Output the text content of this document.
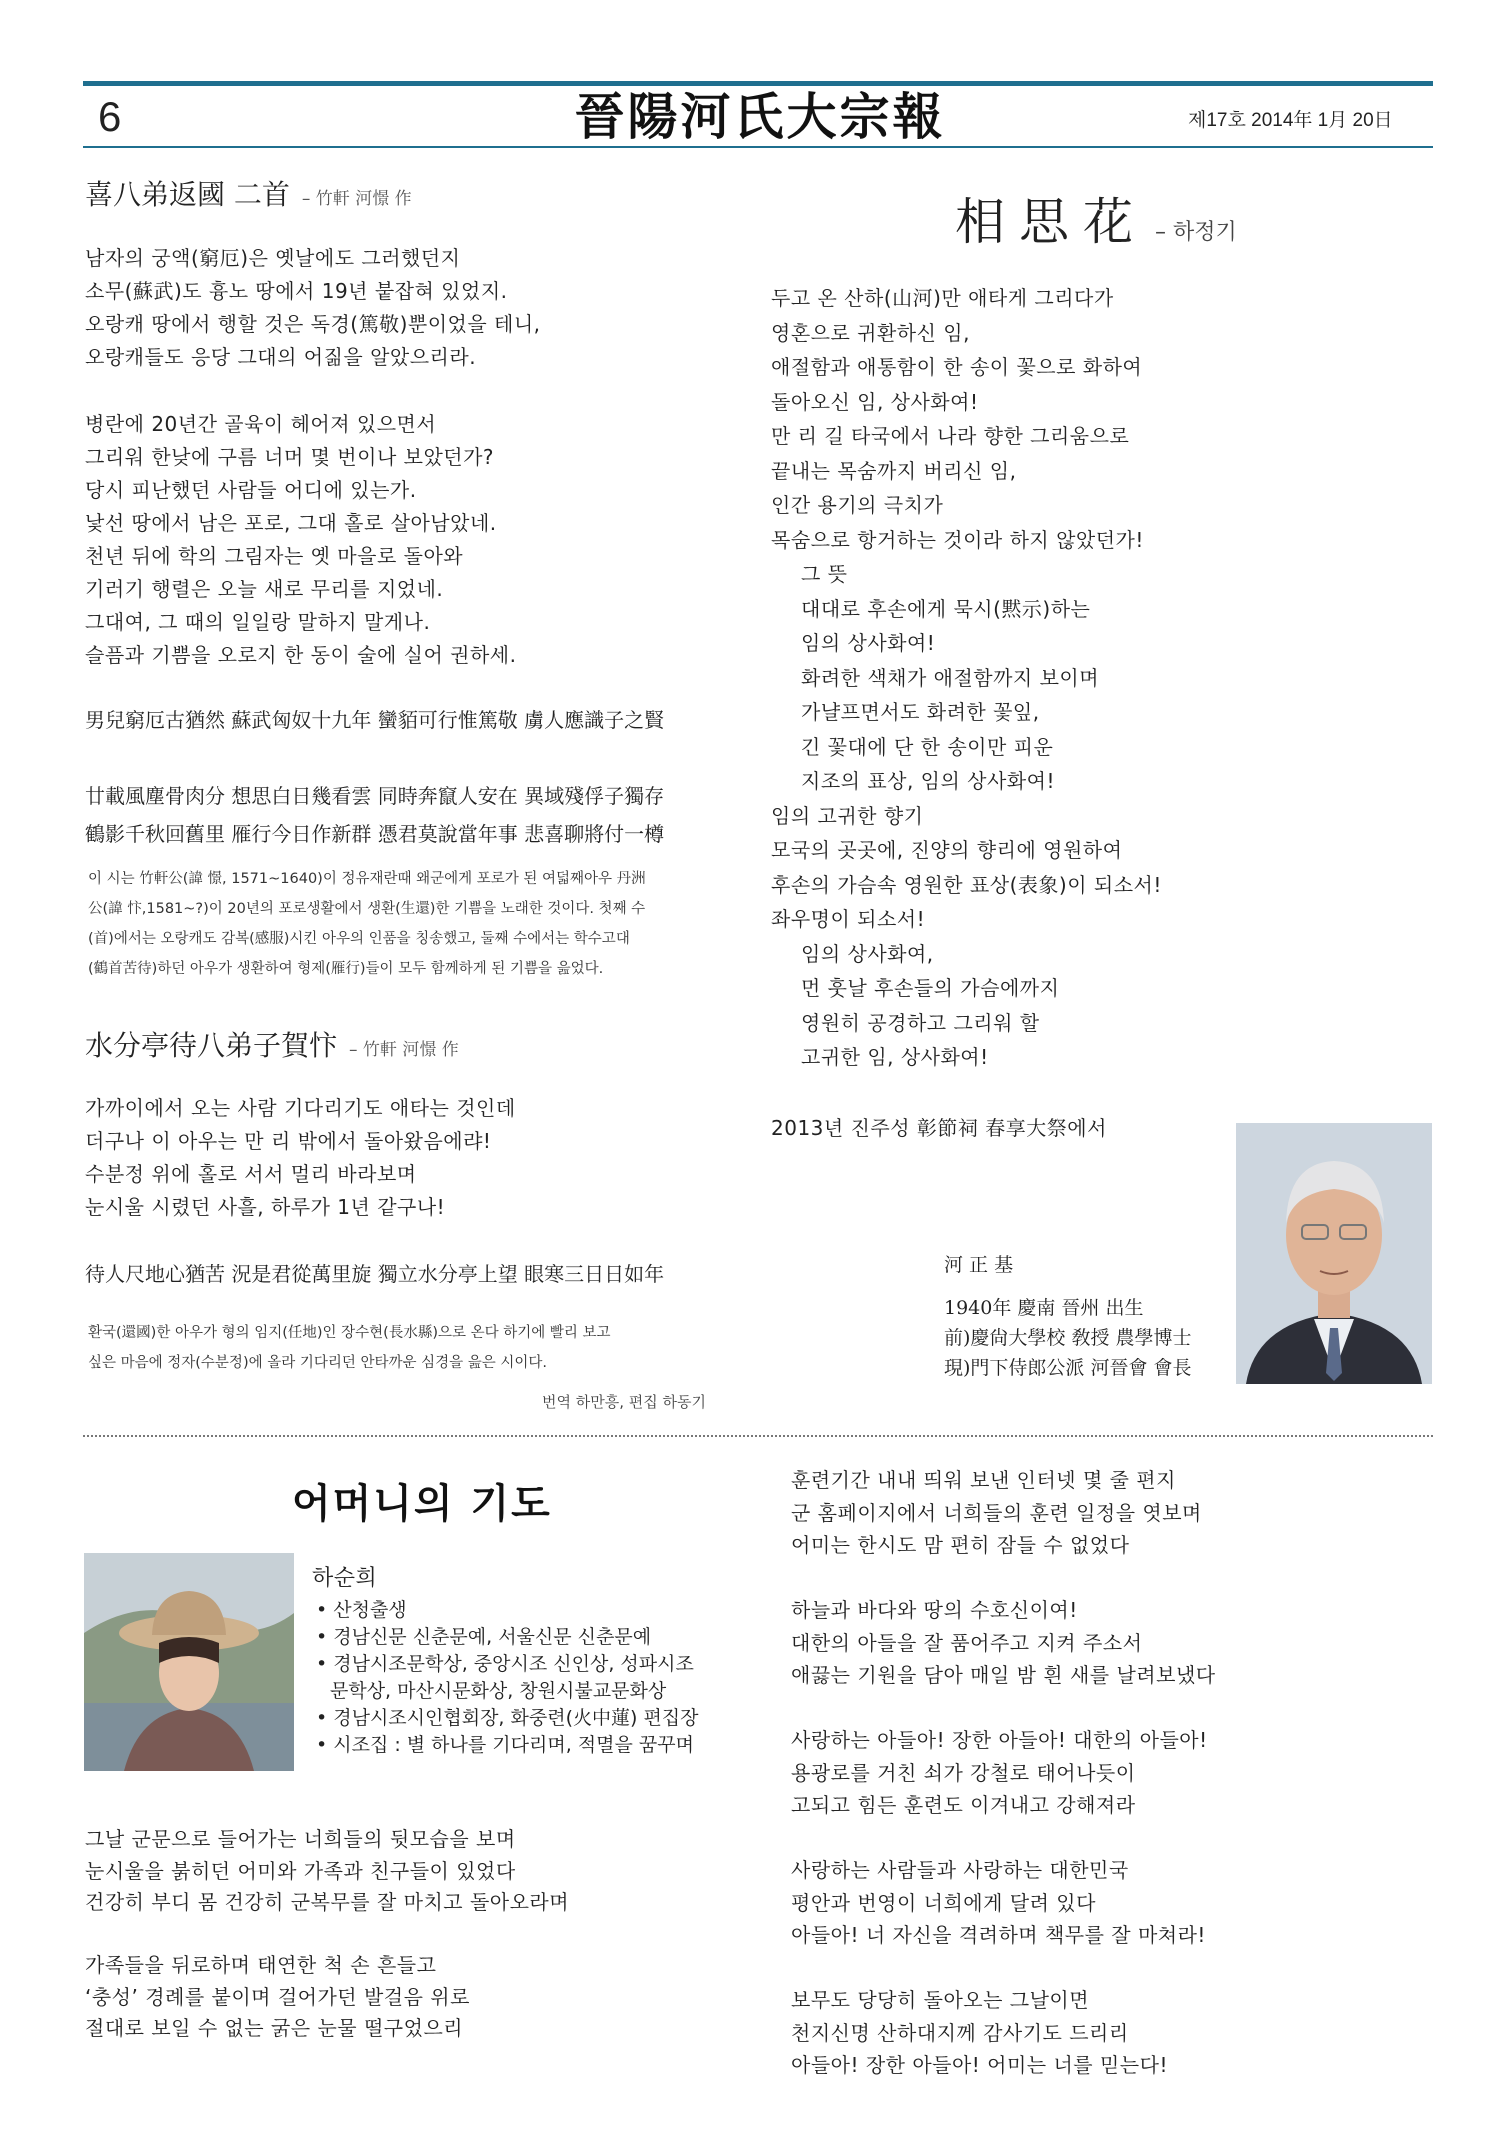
6	晉陽河氏大宗報	제17호 2014年 1月 20日
喜八弟返國 二首 – 竹軒 河憬 作
남자의 궁액(窮厄)은 옛날에도 그러했던지
소무(蘇武)도 흉노 땅에서 19년 붙잡혀 있었지.
오랑캐 땅에서 행할 것은 독경(篤敬)뿐이었을 테니,
오랑캐들도 응당 그대의 어짊을 알았으리라.
병란에 20년간 골육이 헤어져 있으면서
그리워 한낮에 구름 너머 몇 번이나 보았던가?
당시 피난했던 사람들 어디에 있는가.
낯선 땅에서 남은 포로, 그대 홀로 살아남았네.
천년 뒤에 학의 그림자는 옛 마을로 돌아와
기러기 행렬은 오늘 새로 무리를 지었네.
그대여, 그 때의 일일랑 말하지 말게나.
슬픔과 기쁨을 오로지 한 동이 술에 실어 권하세.
男兒窮厄古猶然 蘇武匈奴十九年 蠻貊可行惟篤敬 虜人應識子之賢
廿載風塵骨肉分 想思白日幾看雲 同時奔竄人安在 異域殘俘子獨存
鶴影千秋回舊里 雁行今日作新群 憑君莫說當年事 悲喜聊將付一樽
이 시는 竹軒公(諱 憬, 1571~1640)이 정유재란때 왜군에게 포로가 된 여덟째아우 丹洲
公(諱 忭,1581~?)이 20년의 포로생활에서 생환(生還)한 기쁨을 노래한 것이다. 첫째 수
(首)에서는 오랑캐도 감복(感服)시킨 아우의 인품을 칭송했고, 둘째 수에서는 학수고대
(鶴首苦待)하던 아우가 생환하여 형제(雁行)들이 모두 함께하게 된 기쁨을 읊었다.
水分亭待八弟子賀忭 – 竹軒 河憬 作
가까이에서 오는 사람 기다리기도 애타는 것인데
더구나 이 아우는 만 리 밖에서 돌아왔음에랴!
수분정 위에 홀로 서서 멀리 바라보며
눈시울 시렸던 사흘, 하루가 1년 같구나!
待人尺地心猶苦 況是君從萬里旋 獨立水分亭上望 眼寒三日日如年
환국(還國)한 아우가 형의 임지(任地)인 장수현(長水縣)으로 온다 하기에 빨리 보고
싶은 마음에 정자(수분정)에 올라 기다리던 안타까운 심경을 읊은 시이다.
번역 하만흥, 편집 하동기
相思花 – 하정기
두고 온 산하(山河)만 애타게 그리다가
영혼으로 귀환하신 임,
애절함과 애통함이 한 송이 꽃으로 화하여
돌아오신 임, 상사화여!
만 리 길 타국에서 나라 향한 그리움으로
끝내는 목숨까지 버리신 임,
인간 용기의 극치가
목숨으로 항거하는 것이라 하지 않았던가!
그 뜻
대대로 후손에게 묵시(黙示)하는
임의 상사화여!
화려한 색채가 애절함까지 보이며
가냘프면서도 화려한 꽃잎,
긴 꽃대에 단 한 송이만 피운
지조의 표상, 임의 상사화여!
임의 고귀한 향기
모국의 곳곳에, 진양의 향리에 영원하여
후손의 가슴속 영원한 표상(表象)이 되소서!
좌우명이 되소서!
임의 상사화여,
먼 훗날 후손들의 가슴에까지
영원히 공경하고 그리워 할
고귀한 임, 상사화여!
2013년 진주성 彰節祠 春享大祭에서
河 正 基
1940年 慶南 晉州 出生
前)慶尙大學校 敎授 農學博士
現)門下侍郎公派 河晉會 會長
어머니의 기도
하순희
• 산청출생
• 경남신문 신춘문예, 서울신문 신춘문예
• 경남시조문학상, 중앙시조 신인상, 성파시조
문학상, 마산시문화상, 창원시불교문화상
• 경남시조시인협회장, 화중련(火中蓮) 편집장
• 시조집 : 별 하나를 기다리며, 적멸을 꿈꾸며
그날 군문으로 들어가는 너희들의 뒷모습을 보며
눈시울을 붉히던 어미와 가족과 친구들이 있었다
건강히 부디 몸 건강히 군복무를 잘 마치고 돌아오라며
가족들을 뒤로하며 태연한 척 손 흔들고
‘충성’ 경례를 붙이며 걸어가던 발걸음 위로
절대로 보일 수 없는 굵은 눈물 떨구었으리
훈련기간 내내 띄워 보낸 인터넷 몇 줄 편지
군 홈페이지에서 너희들의 훈련 일정을 엿보며
어미는 한시도 맘 편히 잠들 수 없었다
하늘과 바다와 땅의 수호신이여!
대한의 아들을 잘 품어주고 지켜 주소서
애끓는 기원을 담아 매일 밤 흰 새를 날려보냈다
사랑하는 아들아! 장한 아들아! 대한의 아들아!
용광로를 거친 쇠가 강철로 태어나듯이
고되고 힘든 훈련도 이겨내고 강해져라
사랑하는 사람들과 사랑하는 대한민국
평안과 번영이 너희에게 달려 있다
아들아! 너 자신을 격려하며 책무를 잘 마쳐라!
보무도 당당히 돌아오는 그날이면
천지신명 산하대지께 감사기도 드리리
아들아! 장한 아들아! 어미는 너를 믿는다!
